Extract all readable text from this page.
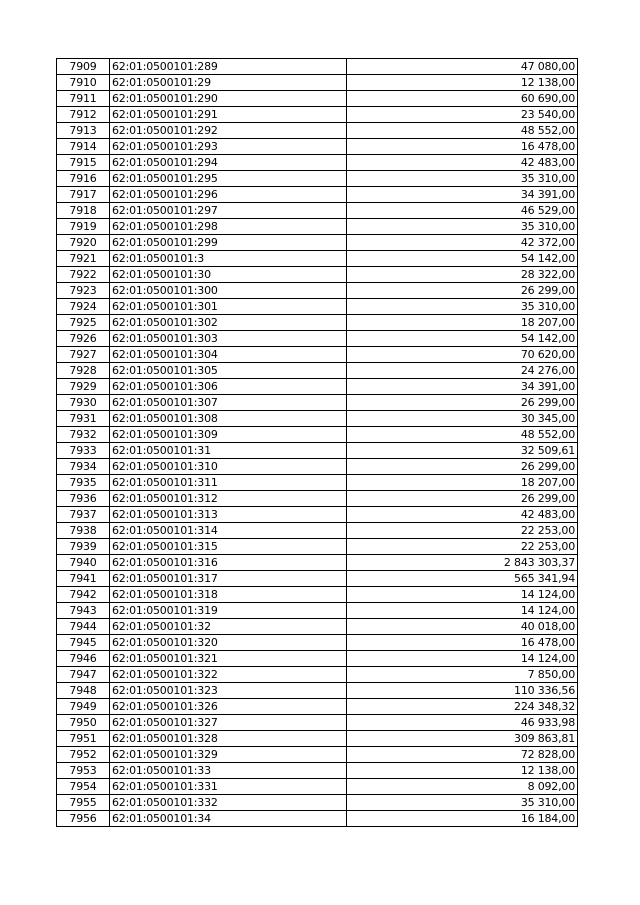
7909	62:01:0500101:289	47 080,00
7910	62:01:0500101:29	12 138,00
7911	62:01:0500101:290	60 690,00
7912	62:01:0500101:291	23 540,00
7913	62:01:0500101:292	48 552,00
7914	62:01:0500101:293	16 478,00
7915	62:01:0500101:294	42 483,00
7916	62:01:0500101:295	35 310,00
7917	62:01:0500101:296	34 391,00
7918	62:01:0500101:297	46 529,00
7919	62:01:0500101:298	35 310,00
7920	62:01:0500101:299	42 372,00
7921	62:01:0500101:3	54 142,00
7922	62:01:0500101:30	28 322,00
7923	62:01:0500101:300	26 299,00
7924	62:01:0500101:301	35 310,00
7925	62:01:0500101:302	18 207,00
7926	62:01:0500101:303	54 142,00
7927	62:01:0500101:304	70 620,00
7928	62:01:0500101:305	24 276,00
7929	62:01:0500101:306	34 391,00
7930	62:01:0500101:307	26 299,00
7931	62:01:0500101:308	30 345,00
7932	62:01:0500101:309	48 552,00
7933	62:01:0500101:31	32 509,61
7934	62:01:0500101:310	26 299,00
7935	62:01:0500101:311	18 207,00
7936	62:01:0500101:312	26 299,00
7937	62:01:0500101:313	42 483,00
7938	62:01:0500101:314	22 253,00
7939	62:01:0500101:315	22 253,00
7940	62:01:0500101:316	2 843 303,37
7941	62:01:0500101:317	565 341,94
7942	62:01:0500101:318	14 124,00
7943	62:01:0500101:319	14 124,00
7944	62:01:0500101:32	40 018,00
7945	62:01:0500101:320	16 478,00
7946	62:01:0500101:321	14 124,00
7947	62:01:0500101:322	7 850,00
7948	62:01:0500101:323	110 336,56
7949	62:01:0500101:326	224 348,32
7950	62:01:0500101:327	46 933,98
7951	62:01:0500101:328	309 863,81
7952	62:01:0500101:329	72 828,00
7953	62:01:0500101:33	12 138,00
7954	62:01:0500101:331	8 092,00
7955	62:01:0500101:332	35 310,00
7956	62:01:0500101:34	16 184,00
